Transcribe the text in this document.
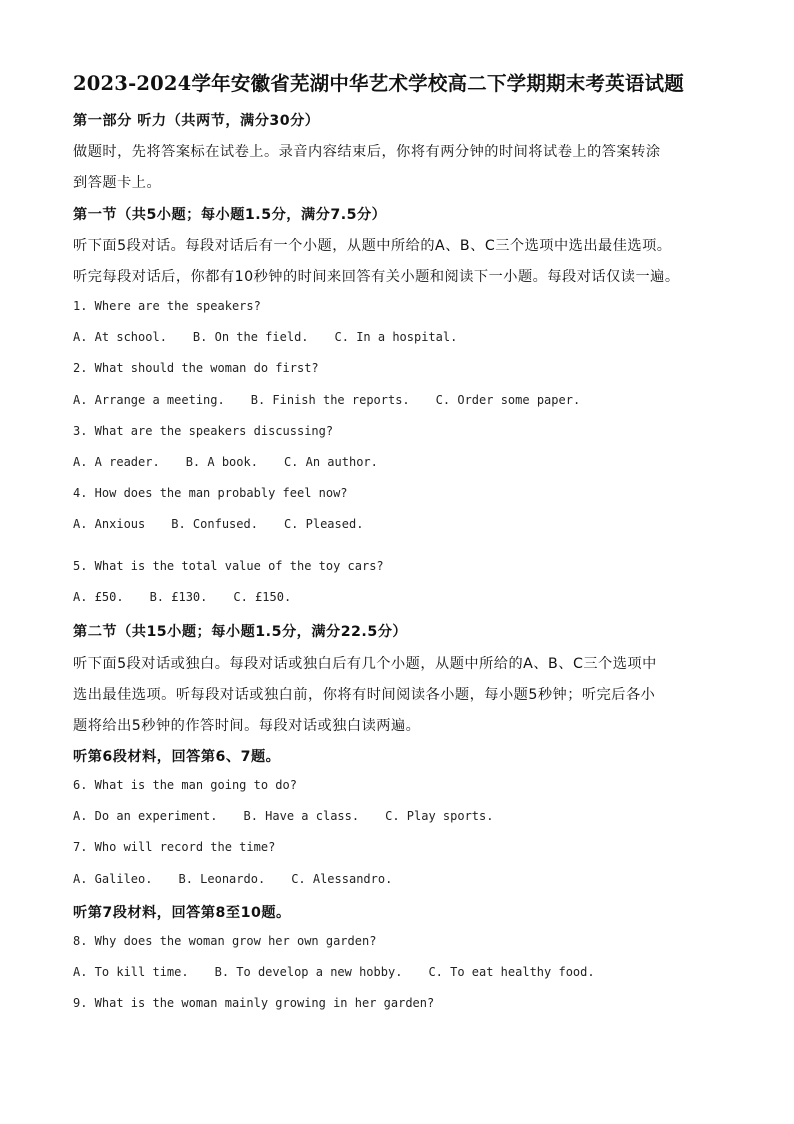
2023-2024学年安徽省芜湖中华艺术学校高二下学期期末考英语试题
第一部分 听力（共两节，满分30分）
做题时，先将答案标在试卷上。录音内容结束后，你将有两分钟的时间将试卷上的答案转涂
到答题卡上。
第一节（共5小题；每小题1.5分，满分7.5分）
听下面5段对话。每段对话后有一个小题，从题中所给的A、B、C三个选项中选出最佳选项。
听完每段对话后，你都有10秒钟的时间来回答有关小题和阅读下一小题。每段对话仅读一遍。
1. Where are the speakers?
A. At school. B. On the field. C. In a hospital.
2. What should the woman do first?
A. Arrange a meeting. B. Finish the reports. C. Order some paper.
3. What are the speakers discussing?
A. A reader. B. A book. C. An author.
4. How does the man probably feel now?
A. Anxious B. Confused. C. Pleased.
5. What is the total value of the toy cars?
A. £50. B. £130. C. £150.
第二节（共15小题；每小题1.5分，满分22.5分）
听下面5段对话或独白。每段对话或独白后有几个小题，从题中所给的A、B、C三个选项中
选出最佳选项。听每段对话或独白前，你将有时间阅读各小题，每小题5秒钟；听完后各小
题将给出5秒钟的作答时间。每段对话或独白读两遍。
听第6段材料，回答第6、7题。
6. What is the man going to do?
A. Do an experiment. B. Have a class. C. Play sports.
7. Who will record the time?
A. Galileo. B. Leonardo. C. Alessandro.
听第7段材料，回答第8至10题。
8. Why does the woman grow her own garden?
A. To kill time. B. To develop a new hobby. C. To eat healthy food.
9. What is the woman mainly growing in her garden?
